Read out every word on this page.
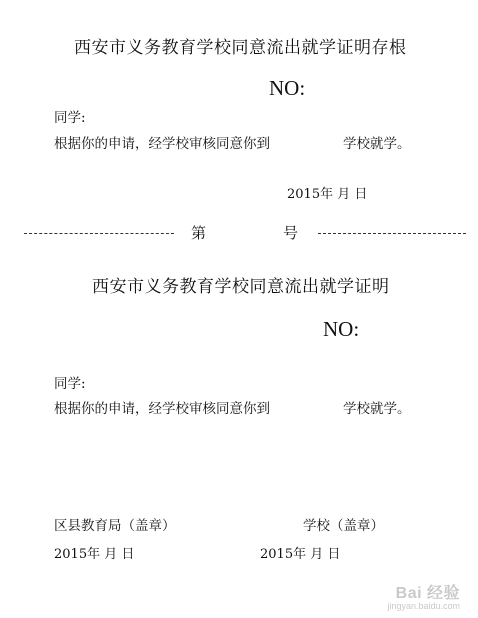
西安市义务教育学校同意流出就学证明存根
NO:
同学:
根据你的申请，经学校审核同意你到	学校就学。
2015年 月 日
第	号
西安市义务教育学校同意流出就学证明
NO:
同学:
根据你的申请，经学校审核同意你到	学校就学。
区县教育局（盖章）	学校（盖章）
2015年 月 日	2015年 月 日
Bai 经验
jingyan.baidu.com
